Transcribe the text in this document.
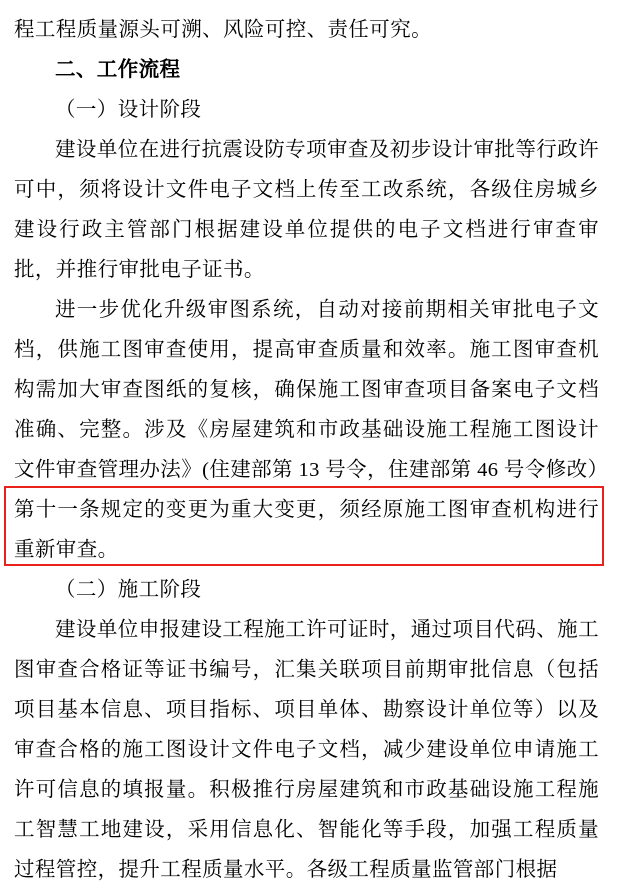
程工程质量源头可溯、风险可控、责任可究。

二、工作流程

（一）设计阶段

建设单位在进行抗震设防专项审查及初步设计审批等行政许可中，须将设计文件电子文档上传至工改系统，各级住房城乡建设行政主管部门根据建设单位提供的电子文档进行审查审批，并推行审批电子证书。

进一步优化升级审图系统，自动对接前期相关审批电子文档，供施工图审查使用，提高审查质量和效率。施工图审查机构需加大审查图纸的复核，确保施工图审查项目备案电子文档准确、完整。涉及《房屋建筑和市政基础设施工程施工图设计文件审查管理办法》(住建部第 13 号令，住建部第 46 号令修改）

第十一条规定的变更为重大变更，须经原施工图审查机构进行重新审查。

（二）施工阶段

建设单位申报建设工程施工许可证时，通过项目代码、施工图审查合格证等证书编号，汇集关联项目前期审批信息（包括项目基本信息、项目指标、项目单体、勘察设计单位等）以及审查合格的施工图设计文件电子文档，减少建设单位申请施工许可信息的填报量。积极推行房屋建筑和市政基础设施工程施工智慧工地建设，采用信息化、智能化等手段，加强工程质量过程管控，提升工程质量水平。各级工程质量监管部门根据
